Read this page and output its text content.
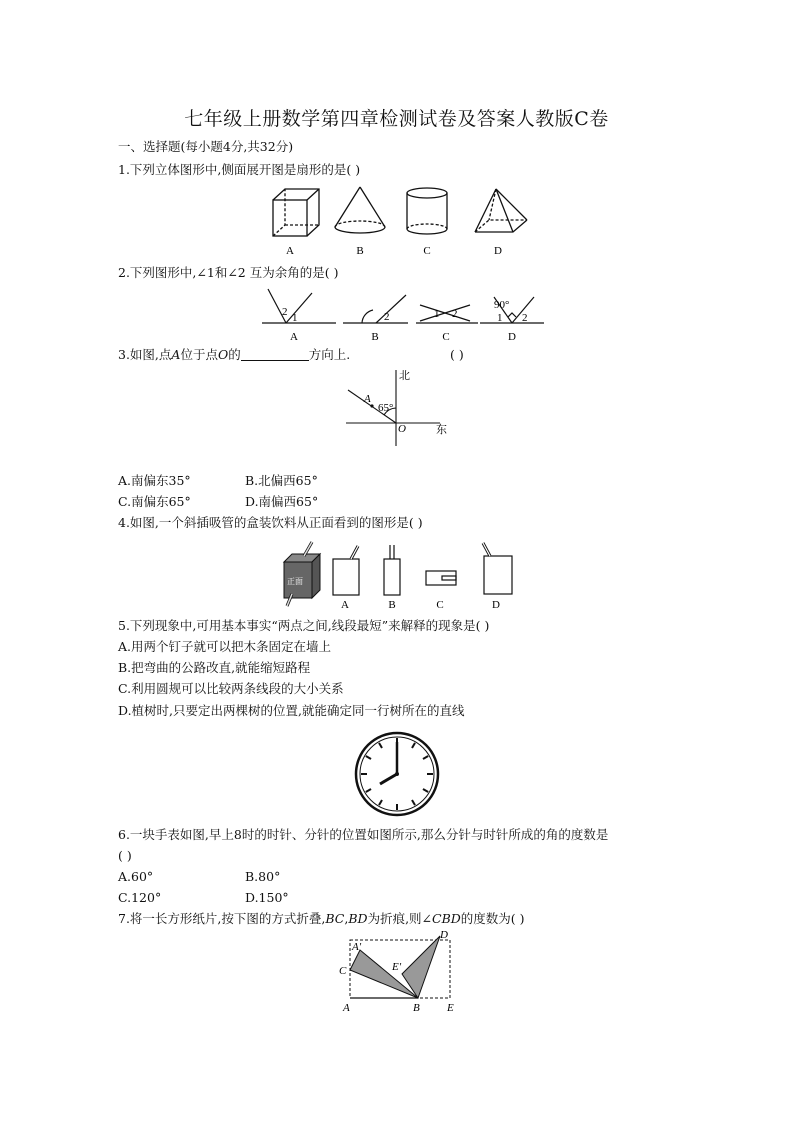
七年级上册数学第四章检测试卷及答案人教版C卷
一、选择题(每小题4分,共32分)
1.下列立体图形中,侧面展开图是扇形的是( )
A	B	C	D
2.下列图形中,∠1和∠2 互为余角的是( )
2 1	2	1 2
90°
1 2
A	B	C	D
3.如图,点A位于点O的	方向上.	( )
北
东
A
O
65°
A.南偏东35°	B.北偏西65°
C.南偏东65°	D.南偏西65°
4.如图,一个斜插吸管的盒装饮料从正面看到的图形是( )
正面
A	B	C	D
5.下列现象中,可用基本事实“两点之间,线段最短”来解释的现象是( )
A.用两个钉子就可以把木条固定在墙上
B.把弯曲的公路改直,就能缩短路程
C.利用圆规可以比较两条线段的大小关系
D.植树时,只要定出两棵树的位置,就能确定同一行树所在的直线
6.一块手表如图,早上8时的时针、分针的位置如图所示,那么分针与时针所成的角的度数是
( )
A.60°	B.80°
C.120°	D.150°
7.将一长方形纸片,按下图的方式折叠,BC,BD为折痕,则∠CBD的度数为( )
A′
C	E′
D
A	B E
